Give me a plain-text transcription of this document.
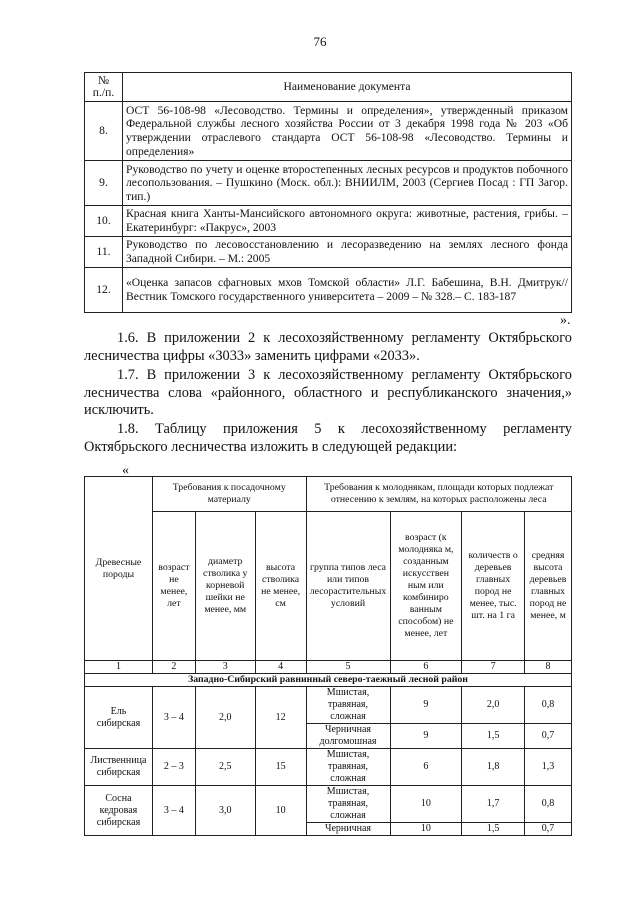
76
№
п./п.	Наименование документа
8.	ОСТ 56-108-98 «Лесоводство. Термины и определения», утвержденный приказом Федеральной службы лесного хозяйства России от 3 декабря 1998 года № 203 «Об утверждении отраслевого стандарта ОСТ 56-108-98 «Лесоводство. Термины и определения»
9.	Руководство по учету и оценке второстепенных лесных ресурсов и продуктов побочного лесопользования. – Пушкино (Моск. обл.): ВНИИЛМ, 2003 (Сергиев Посад : ГП Загор. тип.)
10.	Красная книга Ханты-Мансийского автономного округа: животные, растения, грибы. – Екатеринбург: «Пакрус», 2003
11.	Руководство по лесовосстановлению и лесоразведению на землях лесного фонда Западной Сибири. – М.: 2005
12.	«Оценка запасов сфагновых мхов Томской области» Л.Г. Бабешина, В.Н. Дмитрук// Вестник Томского государственного университета – 2009 – № 328.– С. 183-187
».
1.6. В приложении 2 к лесохозяйственному регламенту Октябрьского лесничества цифры «3033» заменить цифрами «2033».
1.7. В приложении 3 к лесохозяйственному регламенту Октябрьского лесничества слова «районного, областного и республиканского значения,» исключить.
1.8. Таблицу приложения 5 к лесохозяйственному регламенту Октябрьского лесничества изложить в следующей редакции:
«
Древесные породы	Требования к посадочному материалу			Требования к молоднякам, площади которых подлежат отнесению к землям, на которых расположены леса			
	возраст не менее, лет	диаметр стволика у корневой шейки не менее, мм	высота стволика не менее, см	группа типов леса или типов лесорастительных условий	возраст (к молодняка м, созданным искусствен ным или комбиниро ванным способом) не менее, лет	количеств о деревьев главных пород не менее, тыс. шт. на 1 га	средняя высота деревьев главных пород не менее, м
1	2	3	4	5	6	7	8
Западно-Сибирский равнинный северо-таежный лесной район							
Ель сибирская	3 – 4	2,0	12	Мшистая, травяная, сложная	9	2,0	0,8
				Черничная долгомошная	9	1,5	0,7
Лиственница сибирская	2 – 3	2,5	15	Мшистая, травяная, сложная	6	1,8	1,3
Сосна кедровая сибирская	3 – 4	3,0	10	Мшистая, травяная, сложная	10	1,7	0,8
				Черничная	10	1,5	0,7
